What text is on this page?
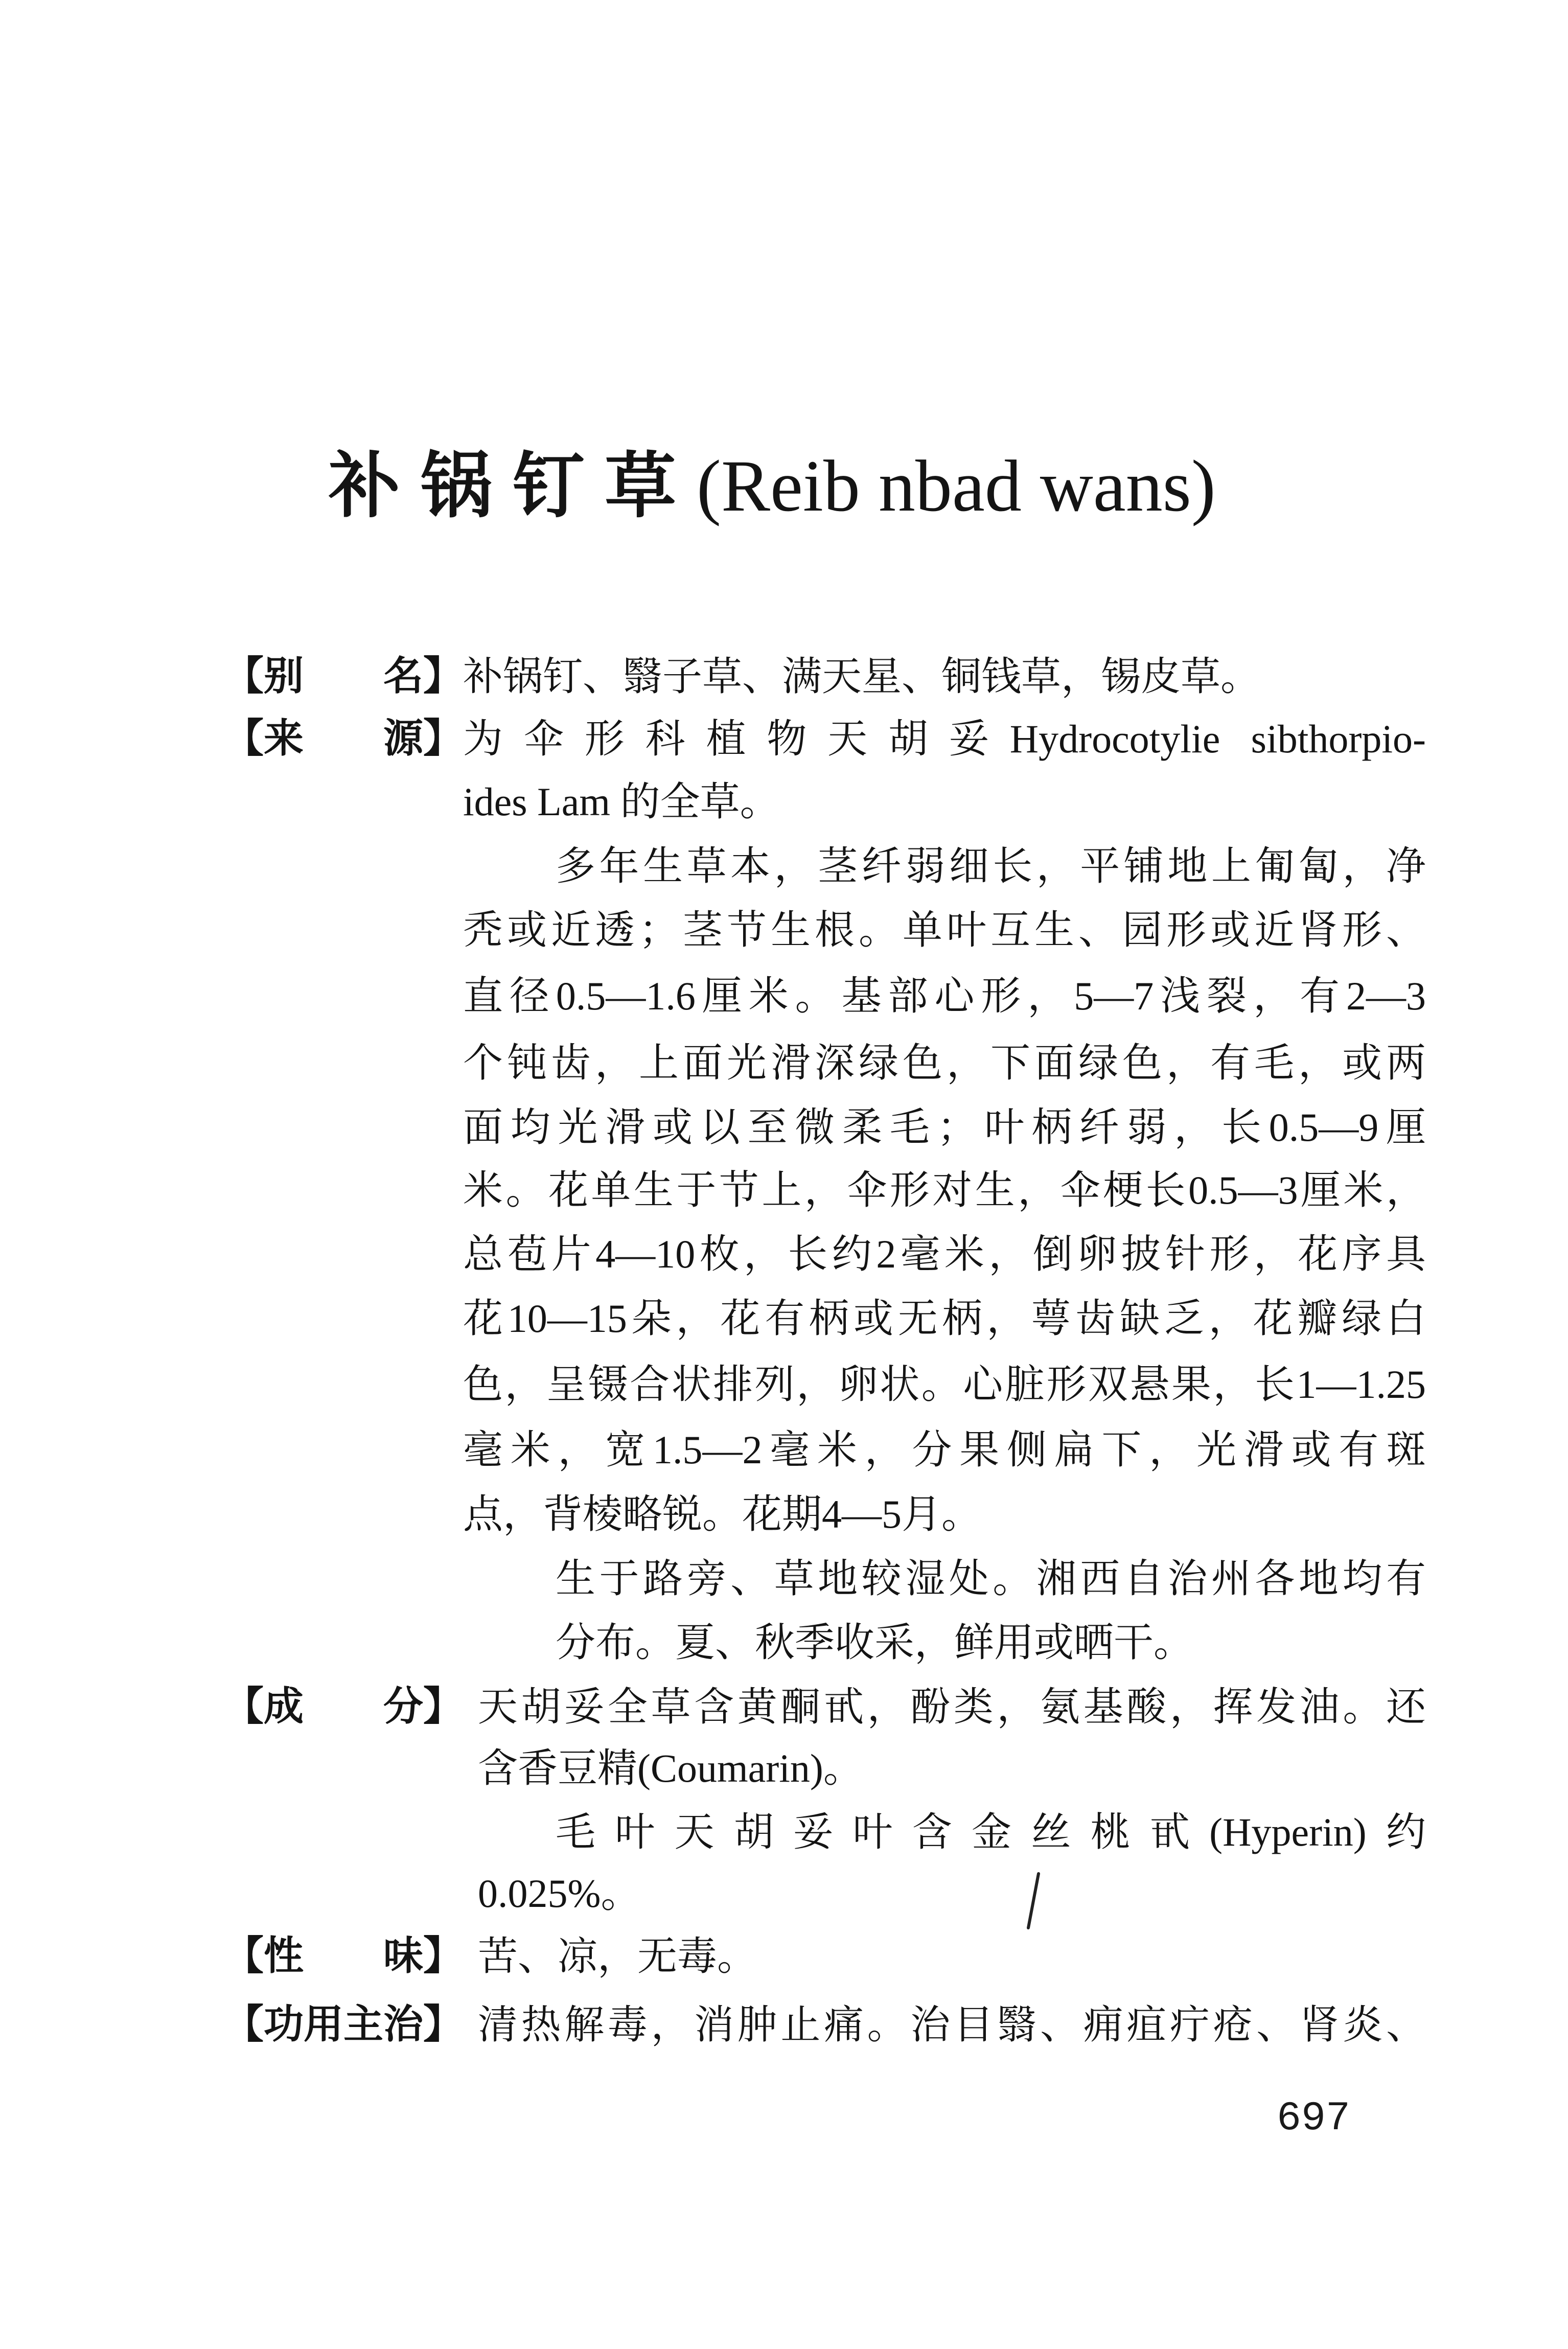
补锅钉草(Reib nbad wans)
【别 名】 补锅钉、翳子草、满天星、铜钱草，锡皮草。
【来 源】 为伞形科植物天胡妥Hydrocotylie sibthorpio-
ides Lam 的全草。
多年生草本，茎纤弱细长，平铺地上匍匐，净
秃或近透；茎节生根。单叶互生、园形或近肾形、
直径0.5—1.6厘米。基部心形，5—7浅裂，有2—3
个钝齿，上面光滑深绿色，下面绿色，有毛，或两
面均光滑或以至微柔毛；叶柄纤弱，长0.5—9厘
米。花单生于节上，伞形对生，伞梗长0.5—3厘米，
总苞片4—10枚，长约2毫米，倒卵披针形，花序具
花10—15朵，花有柄或无柄，萼齿缺乏，花瓣绿白
色，呈镊合状排列，卵状。心脏形双悬果，长1—1.25
毫米，宽1.5—2毫米，分果侧扁下，光滑或有斑
点，背棱略锐。花期4—5月。
生于路旁、草地较湿处。湘西自治州各地均有
分布。夏、秋季收采，鲜用或晒干。
【成 分】 天胡妥全草含黄酮甙，酚类，氨基酸，挥发油。还
含香豆精(Coumarin)。
毛叶天胡妥叶含金丝桃甙(Hyperin)约
0.025%。
【性 味】 苦、凉，无毒。
【功用主治】 清热解毒，消肿止痛。治目翳、痈疽疔疮、肾炎、
697
